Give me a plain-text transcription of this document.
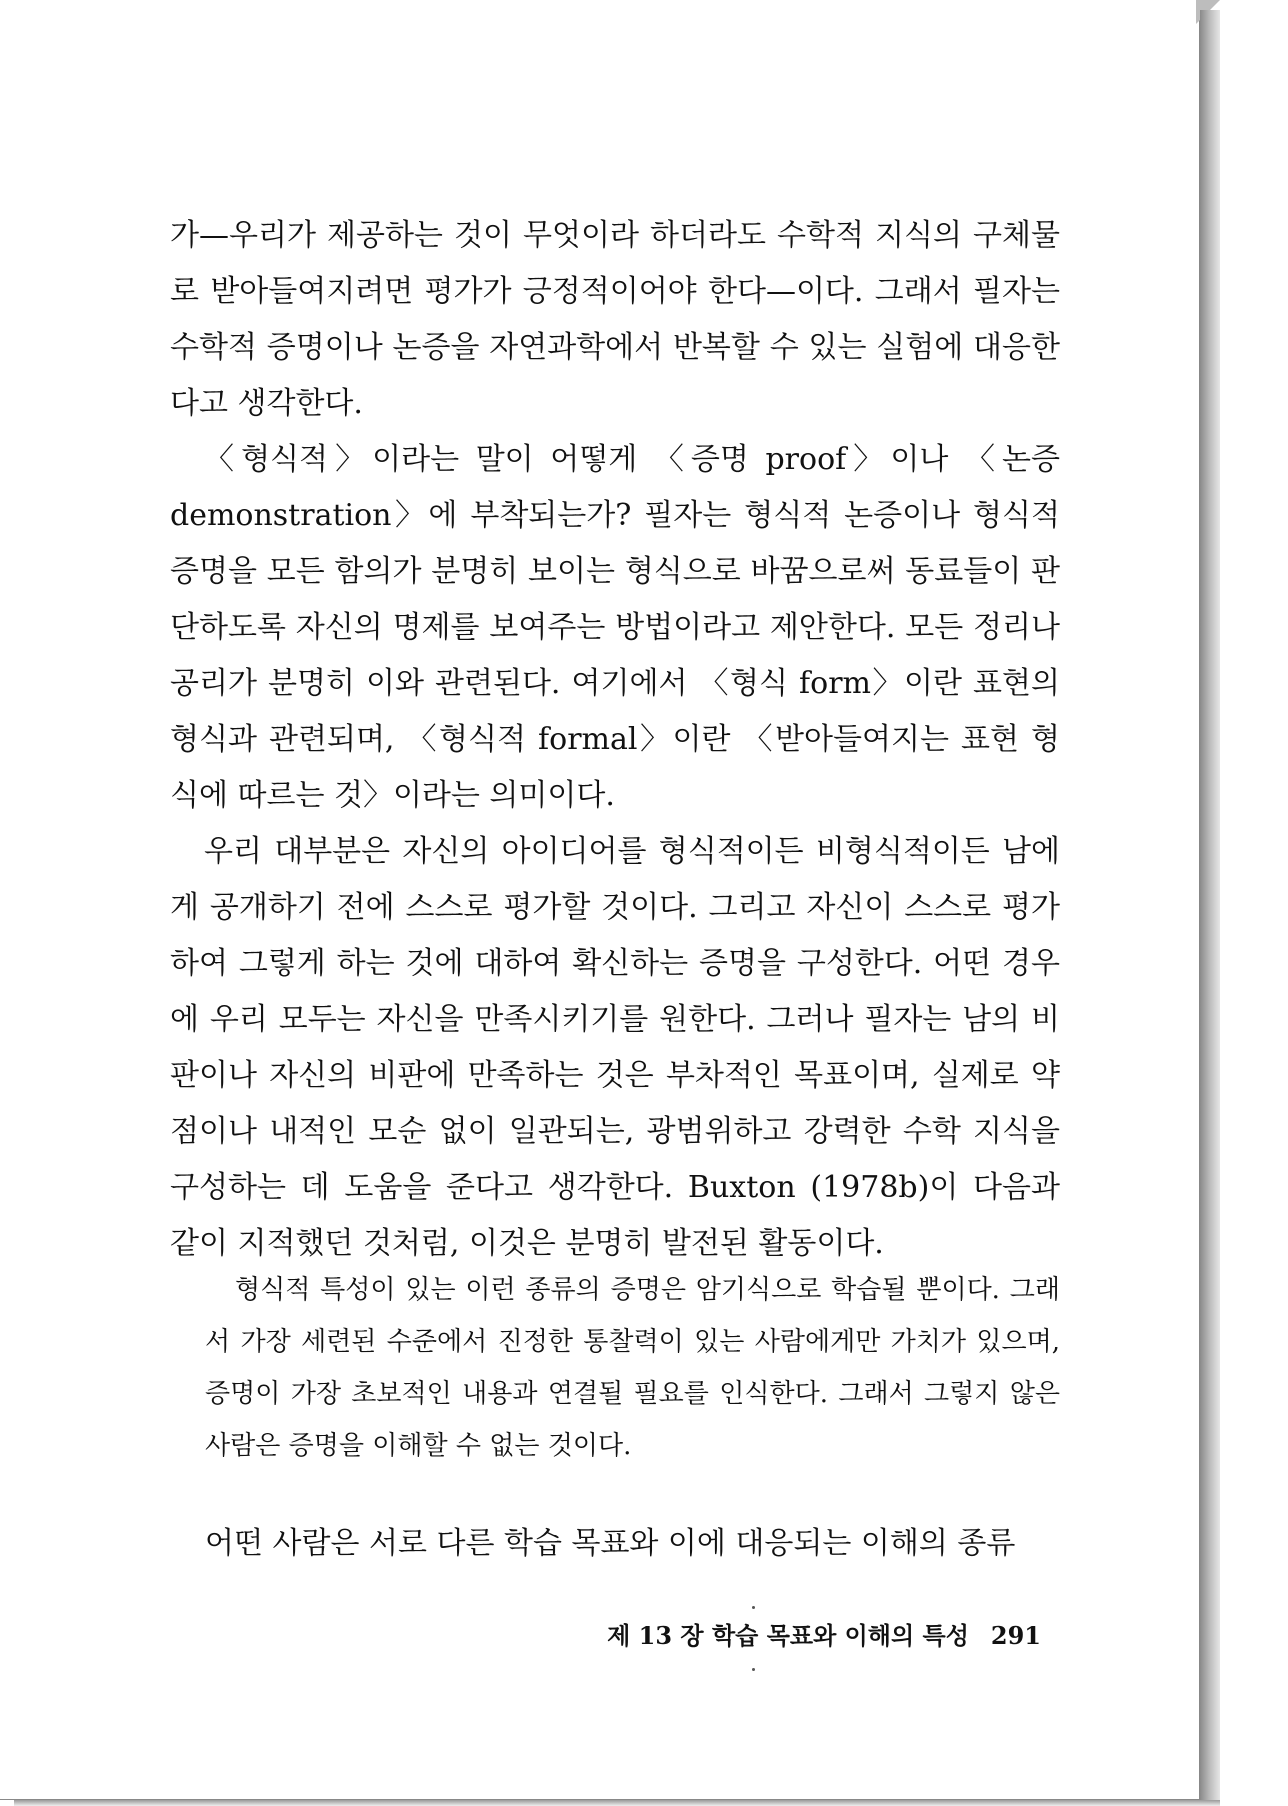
가—우리가 제공하는 것이 무엇이라 하더라도 수학적 지식의 구체물로 받아들여지려면 평가가 긍정적이어야 한다—이다. 그래서 필자는 수학적 증명이나 논증을 자연과학에서 반복할 수 있는 실험에 대응한다고 생각한다.

〈형식적〉이라는 말이 어떻게 〈증명 proof〉이나 〈논증 demonstration〉에 부착되는가? 필자는 형식적 논증이나 형식적 증명을 모든 함의가 분명히 보이는 형식으로 바꿈으로써 동료들이 판단하도록 자신의 명제를 보여주는 방법이라고 제안한다. 모든 정리나 공리가 분명히 이와 관련된다. 여기에서 〈형식 form〉이란 표현의 형식과 관련되며, 〈형식적 formal〉이란 〈받아들여지는 표현 형식에 따르는 것〉이라는 의미이다.

우리 대부분은 자신의 아이디어를 형식적이든 비형식적이든 남에게 공개하기 전에 스스로 평가할 것이다. 그리고 자신이 스스로 평가하여 그렇게 하는 것에 대하여 확신하는 증명을 구성한다. 어떤 경우에 우리 모두는 자신을 만족시키기를 원한다. 그러나 필자는 남의 비판이나 자신의 비판에 만족하는 것은 부차적인 목표이며, 실제로 약점이나 내적인 모순 없이 일관되는, 광범위하고 강력한 수학 지식을 구성하는 데 도움을 준다고 생각한다. Buxton (1978b)이 다음과 같이 지적했던 것처럼, 이것은 분명히 발전된 활동이다.

형식적 특성이 있는 이런 종류의 증명은 암기식으로 학습될 뿐이다. 그래서 가장 세련된 수준에서 진정한 통찰력이 있는 사람에게만 가치가 있으며, 증명이 가장 초보적인 내용과 연결될 필요를 인식한다. 그래서 그렇지 않은 사람은 증명을 이해할 수 없는 것이다.
어떤 사람은 서로 다른 학습 목표와 이에 대응되는 이해의 종류
제 13 장 학습 목표와 이해의 특성 291
